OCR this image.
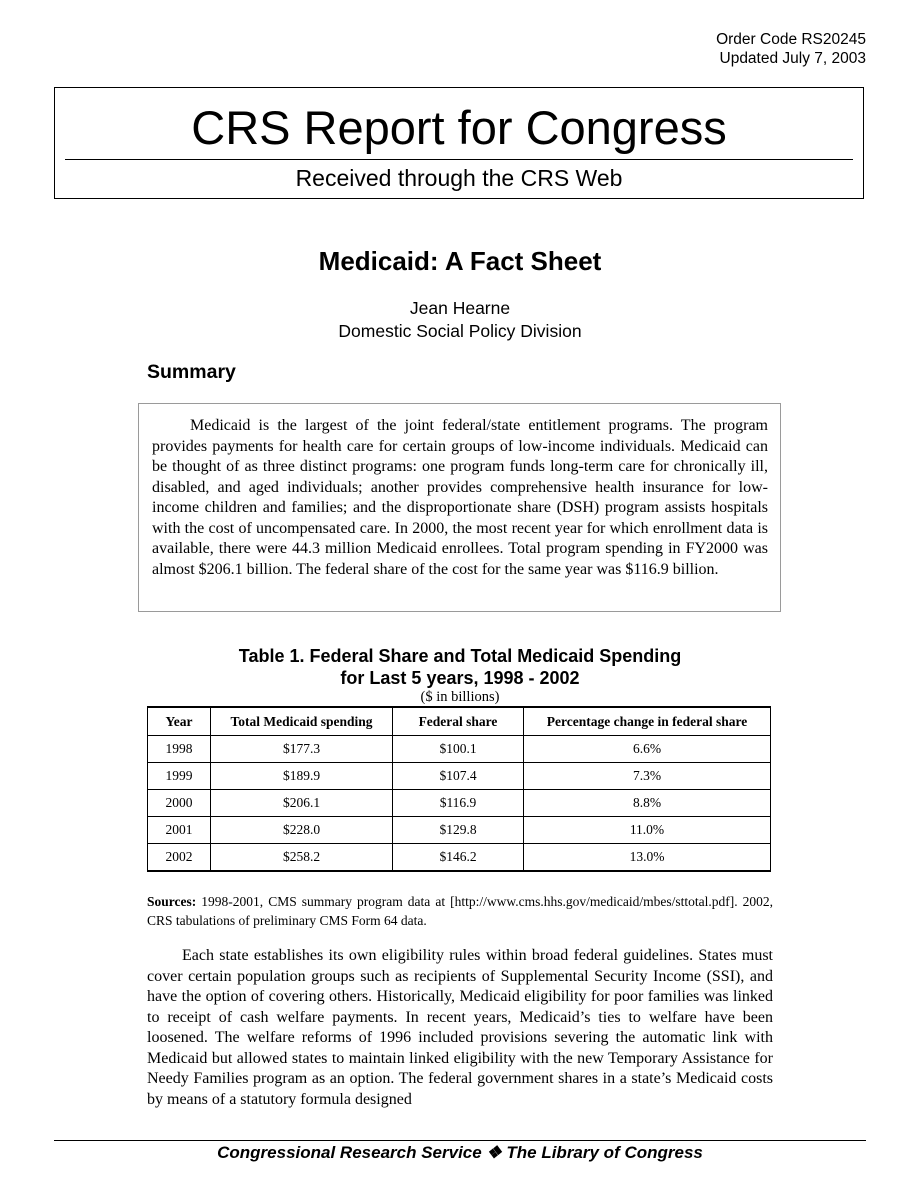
Order Code RS20245
Updated July 7, 2003
CRS Report for Congress
Received through the CRS Web
Medicaid: A Fact Sheet
Jean Hearne
Domestic Social Policy Division
Summary

Medicaid is the largest of the joint federal/state entitlement programs. The program provides payments for health care for certain groups of low-income individuals. Medicaid can be thought of as three distinct programs: one program funds long-term care for chronically ill, disabled, and aged individuals; another provides comprehensive health insurance for low-income children and families; and the disproportionate share (DSH) program assists hospitals with the cost of uncompensated care. In 2000, the most recent year for which enrollment data is available, there were 44.3 million Medicaid enrollees. Total program spending in FY2000 was almost $206.1 billion. The federal share of the cost for the same year was $116.9 billion.

Table 1. Federal Share and Total Medicaid Spending
for Last 5 years, 1998 - 2002
($ in billions)
Year	Total Medicaid spending	Federal share	Percentage change in federal share
1998	$177.3	$100.1	6.6%
1999	$189.9	$107.4	7.3%
2000	$206.1	$116.9	8.8%
2001	$228.0	$129.8	11.0%
2002	$258.2	$146.2	13.0%
Sources: 1998-2001, CMS summary program data at [http://www.cms.hhs.gov/medicaid/mbes/sttotal.pdf]. 2002, CRS tabulations of preliminary CMS Form 64 data.

Each state establishes its own eligibility rules within broad federal guidelines. States must cover certain population groups such as recipients of Supplemental Security Income (SSI), and have the option of covering others. Historically, Medicaid eligibility for poor families was linked to receipt of cash welfare payments. In recent years, Medicaid’s ties to welfare have been loosened. The welfare reforms of 1996 included provisions severing the automatic link with Medicaid but allowed states to maintain linked eligibility with the new Temporary Assistance for Needy Families program as an option. The federal government shares in a state’s Medicaid costs by means of a statutory formula designed

Congressional Research Service ❖ The Library of Congress
